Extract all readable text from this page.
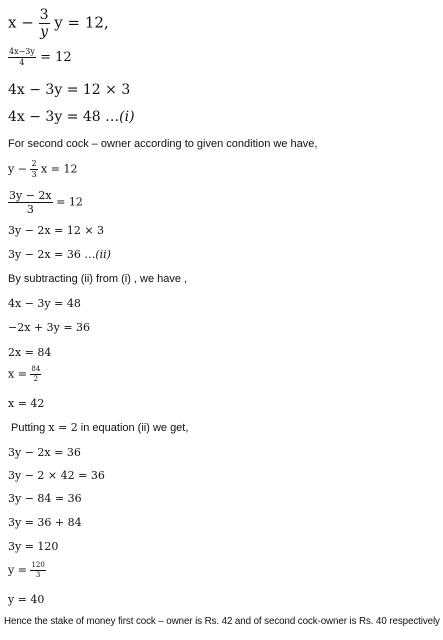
$x - \frac{3}{y}$ y = 12,
$\frac{4x-3y}{4} = 12$
4x − 3y = 12 × 3
4x − 3y = 48 …(i)
For second cock – owner according to given condition we have,
$y - \frac{2}{3}$ x = 12
$\frac{3y - 2x}{3} = 12$
3y − 2x = 12 × 3
3y − 2x = 36 …(ii)
By subtracting (ii) from (i) , we have ,
4x − 3y = 48
−2x + 3y = 36
2x = 84
$x = \frac{84}{2}$
x = 42
Putting x = 2 in equation (ii) we get,
3y − 2x = 36
3y − 2 × 42 = 36
3y − 84 = 36
3y = 36 + 84
3y = 120
$y = \frac{120}{3}$
y = 40
Hence the stake of money first cock – owner is Rs. 42 and of second cock-owner is Rs. 40 respectively
